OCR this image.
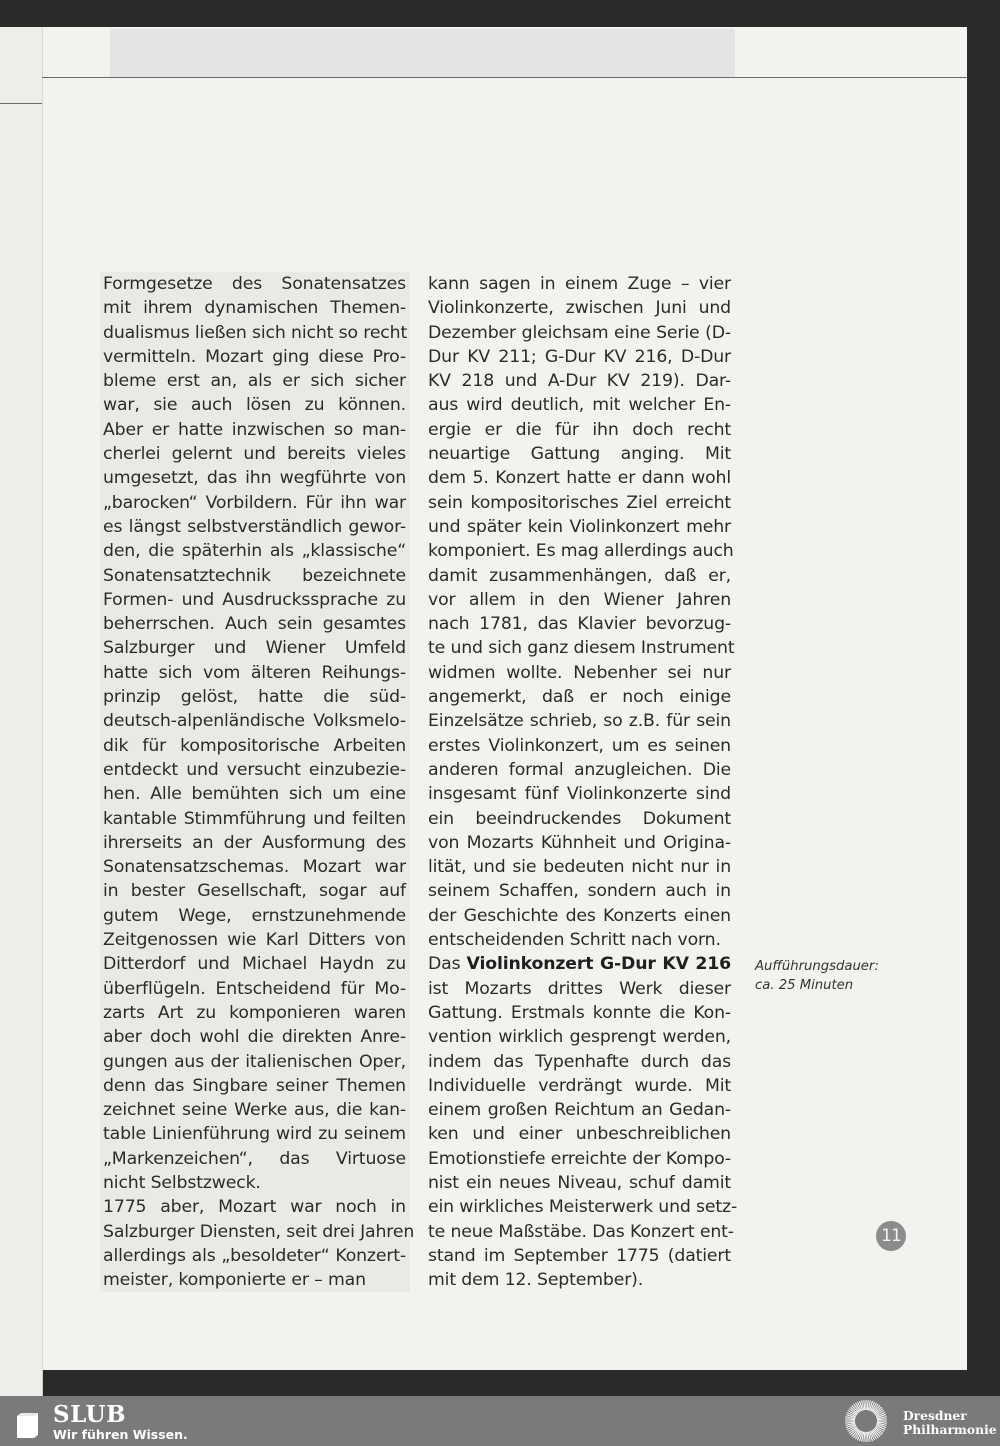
Formgesetze des Sonatensatzes
mit ihrem dynamischen Themen-
dualismus ließen sich nicht so recht
vermitteln. Mozart ging diese Pro-
bleme erst an, als er sich sicher
war, sie auch lösen zu können.
Aber er hatte inzwischen so man-
cherlei gelernt und bereits vieles
umgesetzt, das ihn wegführte von
„barocken“ Vorbildern. Für ihn war
es längst selbstverständlich gewor-
den, die späterhin als „klassische“
Sonatensatztechnik bezeichnete
Formen- und Ausdruckssprache zu
beherrschen. Auch sein gesamtes
Salzburger und Wiener Umfeld
hatte sich vom älteren Reihungs-
prinzip gelöst, hatte die süd-
deutsch-alpenländische Volksmelo-
dik für kompositorische Arbeiten
entdeckt und versucht einzubezie-
hen. Alle bemühten sich um eine
kantable Stimmführung und feilten
ihrerseits an der Ausformung des
Sonatensatzschemas. Mozart war
in bester Gesellschaft, sogar auf
gutem Wege, ernstzunehmende
Zeitgenossen wie Karl Ditters von
Ditterdorf und Michael Haydn zu
überflügeln. Entscheidend für Mo-
zarts Art zu komponieren waren
aber doch wohl die direkten Anre-
gungen aus der italienischen Oper,
denn das Singbare seiner Themen
zeichnet seine Werke aus, die kan-
table Linienführung wird zu seinem
„Markenzeichen“, das Virtuose
nicht Selbstzweck.
1775 aber, Mozart war noch in
Salzburger Diensten, seit drei Jahren
allerdings als „besoldeter“ Konzert-
meister, komponierte er – man
kann sagen in einem Zuge – vier
Violinkonzerte, zwischen Juni und
Dezember gleichsam eine Serie (D-
Dur KV 211; G-Dur KV 216, D-Dur
KV 218 und A-Dur KV 219). Dar-
aus wird deutlich, mit welcher En-
ergie er die für ihn doch recht
neuartige Gattung anging. Mit
dem 5. Konzert hatte er dann wohl
sein kompositorisches Ziel erreicht
und später kein Violinkonzert mehr
komponiert. Es mag allerdings auch
damit zusammenhängen, daß er,
vor allem in den Wiener Jahren
nach 1781, das Klavier bevorzug-
te und sich ganz diesem Instrument
widmen wollte. Nebenher sei nur
angemerkt, daß er noch einige
Einzelsätze schrieb, so z.B. für sein
erstes Violinkonzert, um es seinen
anderen formal anzugleichen. Die
insgesamt fünf Violinkonzerte sind
ein beeindruckendes Dokument
von Mozarts Kühnheit und Origina-
lität, und sie bedeuten nicht nur in
seinem Schaffen, sondern auch in
der Geschichte des Konzerts einen
entscheidenden Schritt nach vorn.
Das Violinkonzert G-Dur KV 216
ist Mozarts drittes Werk dieser
Gattung. Erstmals konnte die Kon-
vention wirklich gesprengt werden,
indem das Typenhafte durch das
Individuelle verdrängt wurde. Mit
einem großen Reichtum an Gedan-
ken und einer unbeschreiblichen
Emotionstiefe erreichte der Kompo-
nist ein neues Niveau, schuf damit
ein wirkliches Meisterwerk und setz-
te neue Maßstäbe. Das Konzert ent-
stand im September 1775 (datiert
mit dem 12. September).
Aufführungsdauer:
ca. 25 Minuten
11
SLUB
Wir führen Wissen.
Dresdner
Philharmonie
